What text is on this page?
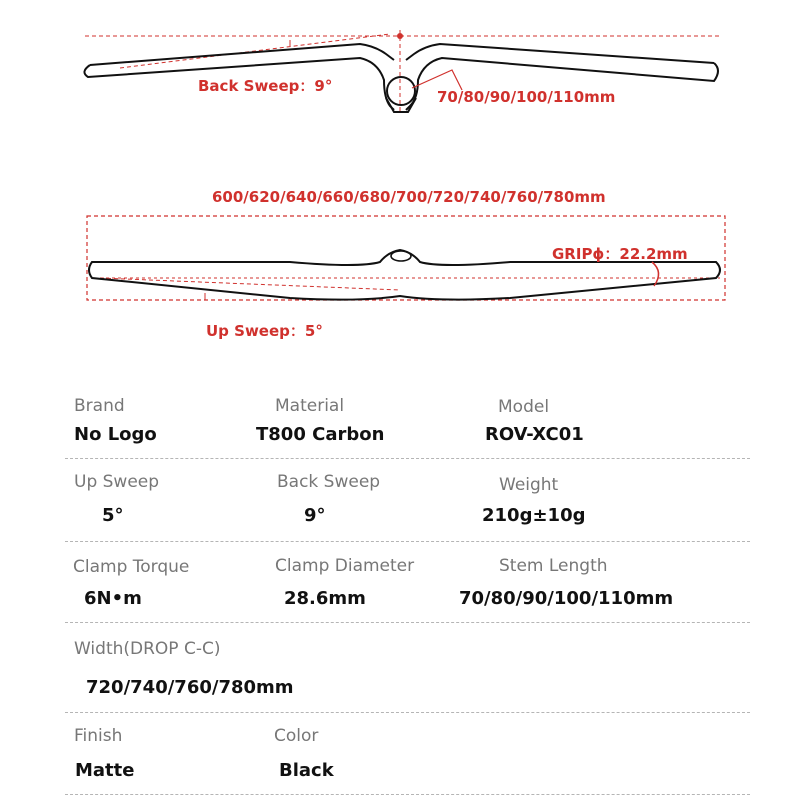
Back Sweep：9°
70/80/90/100/110mm
600/620/640/660/680/700/720/740/760/780mm
GRIPɸ：22.2mm
Up Sweep：5°
Brand	Material	Model
No Logo	T800 Carbon	ROV-XC01
Up Sweep	Back Sweep	Weight
5°	9°	210g±10g
Clamp Torque	Clamp Diameter	Stem Length
6N•m	28.6mm	70/80/90/100/110mm
Width(DROP C-C)
720/740/760/780mm
Finish	Color
Matte	Black
